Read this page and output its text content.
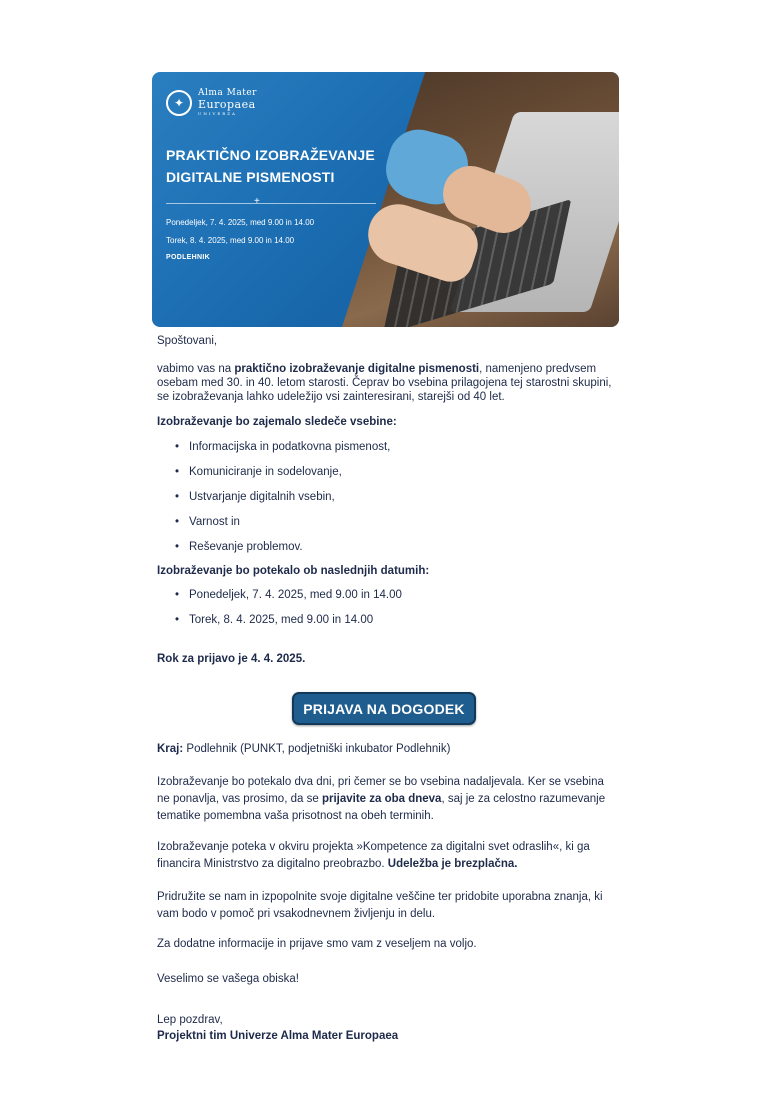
✦
Alma Mater
Europaea
UNIVERZA
PRAKTIČNO IZOBRAŽEVANJE
DIGITALNE PISMENOSTI
+
Ponedeljek, 7. 4. 2025, med 9.00 in 14.00
Torek, 8. 4. 2025, med 9.00 in 14.00
PODLEHNIK

Spoštovani,

vabimo vas na praktično izobraževanje digitalne pismenosti, namenjeno predvsem osebam med 30. in 40. letom starosti. Čeprav bo vsebina prilagojena tej starostni skupini, se izobraževanja lahko udeležijo vsi zainteresirani, starejši od 40 let.

Izobraževanje bo zajemalo sledeče vsebine:

• Informacijska in podatkovna pismenost,
• Komuniciranje in sodelovanje,
• Ustvarjanje digitalnih vsebin,
• Varnost in
• Reševanje problemov.

Izobraževanje bo potekalo ob naslednjih datumih:

• Ponedeljek, 7. 4. 2025, med 9.00 in 14.00
• Torek, 8. 4. 2025, med 9.00 in 14.00

Rok za prijavo je 4. 4. 2025.

Kraj: Podlehnik (PUNKT, podjetniški inkubator Podlehnik)

Izobraževanje bo potekalo dva dni, pri čemer se bo vsebina nadaljevala. Ker se vsebina ne ponavlja, vas prosimo, da se prijavite za oba dneva, saj je za celostno razumevanje tematike pomembna vaša prisotnost na obeh terminih.

Izobraževanje poteka v okviru projekta »Kompetence za digitalni svet odraslih«, ki ga financira Ministrstvo za digitalno preobrazbo. Udeležba je brezplačna.

Pridružite se nam in izpopolnite svoje digitalne veščine ter pridobite uporabna znanja, ki vam bodo v pomoč pri vsakodnevnem življenju in delu.

Za dodatne informacije in prijave smo vam z veseljem na voljo.

Veselimo se vašega obiska!

Lep pozdrav,

Projektni tim Univerze Alma Mater Europaea

PRIJAVA NA DOGODEK
